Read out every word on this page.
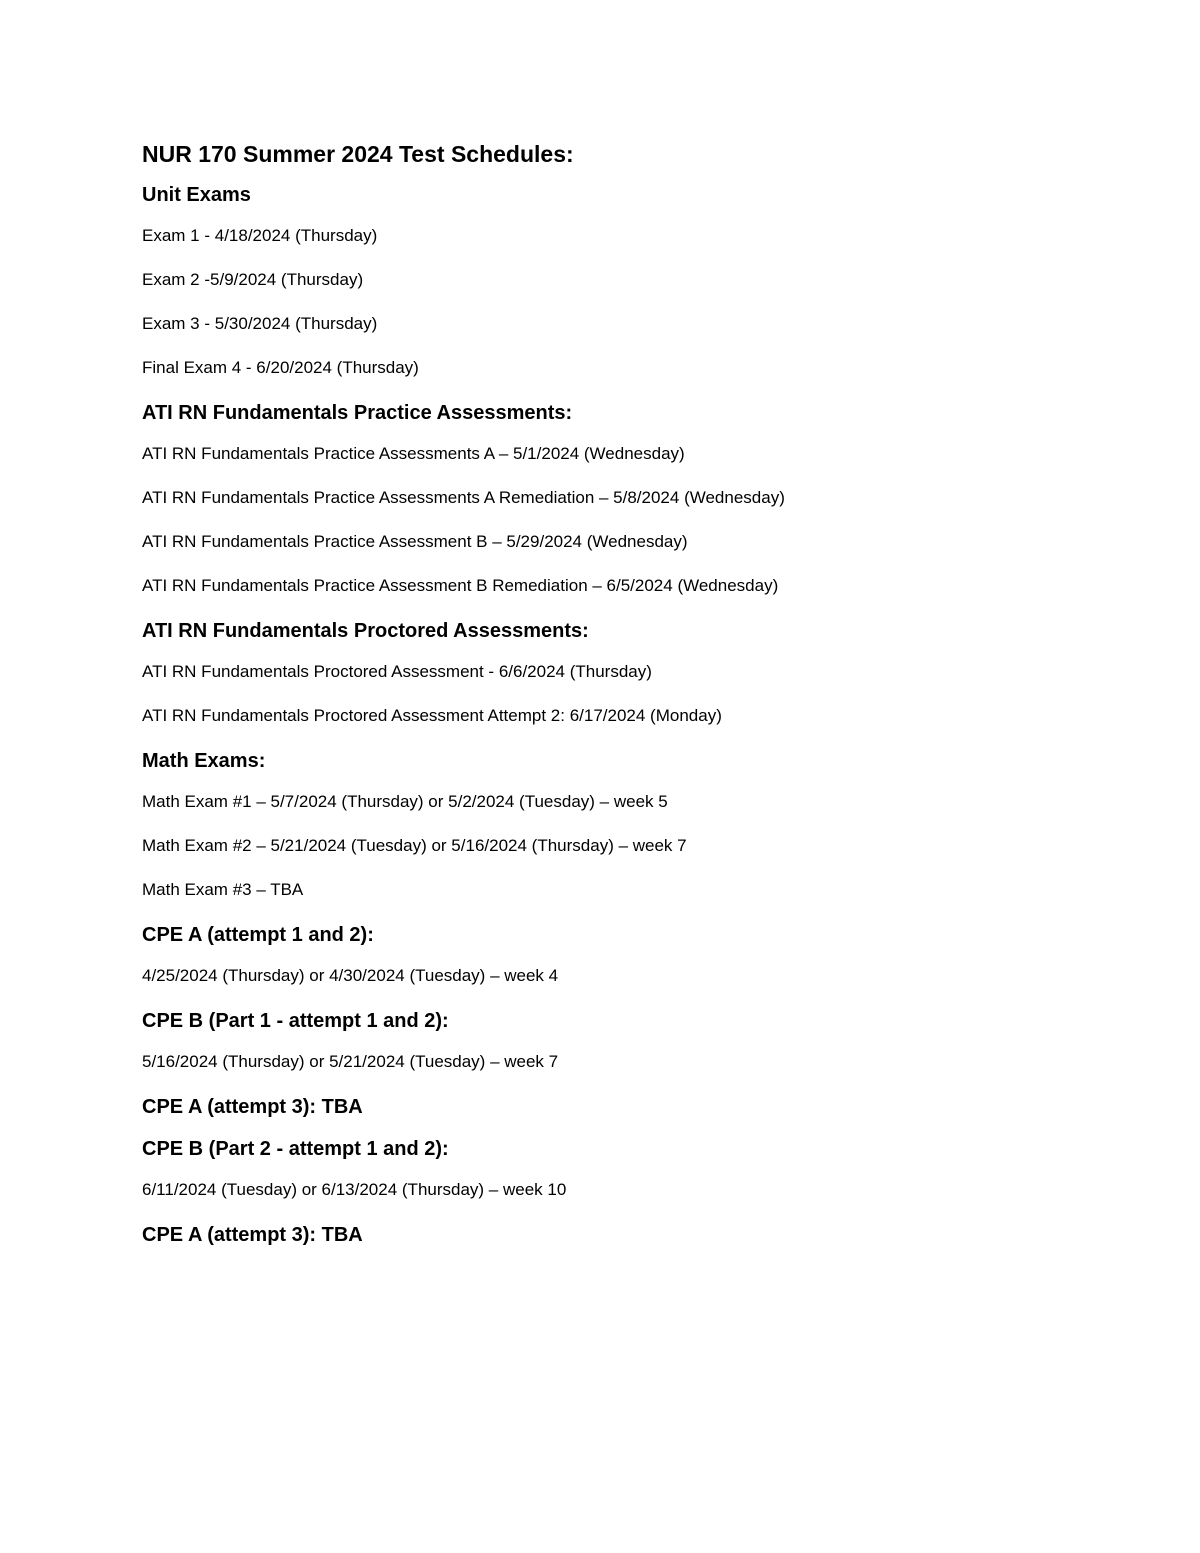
NUR 170 Summer 2024 Test Schedules:
Unit Exams
Exam 1 - 4/18/2024 (Thursday)
Exam 2 -5/9/2024 (Thursday)
Exam 3 - 5/30/2024 (Thursday)
Final Exam 4 - 6/20/2024 (Thursday)
ATI RN Fundamentals Practice Assessments:
ATI RN Fundamentals Practice Assessments A – 5/1/2024 (Wednesday)
ATI RN Fundamentals Practice Assessments A Remediation – 5/8/2024 (Wednesday)
ATI RN Fundamentals Practice Assessment B – 5/29/2024 (Wednesday)
ATI RN Fundamentals Practice Assessment B Remediation – 6/5/2024 (Wednesday)
ATI RN Fundamentals Proctored Assessments:
ATI RN Fundamentals Proctored Assessment - 6/6/2024 (Thursday)
ATI RN Fundamentals Proctored Assessment Attempt 2: 6/17/2024 (Monday)
Math Exams:
Math Exam #1 – 5/7/2024 (Thursday) or 5/2/2024 (Tuesday) – week 5
Math Exam #2 – 5/21/2024 (Tuesday) or 5/16/2024 (Thursday) – week 7
Math Exam #3 – TBA
CPE A (attempt 1 and 2):
4/25/2024 (Thursday) or 4/30/2024 (Tuesday) – week 4
CPE B (Part 1 - attempt 1 and 2):
5/16/2024 (Thursday) or 5/21/2024 (Tuesday) – week 7
CPE A (attempt 3): TBA
CPE B (Part 2 - attempt 1 and 2):
6/11/2024 (Tuesday) or 6/13/2024 (Thursday) – week 10
CPE A (attempt 3): TBA
